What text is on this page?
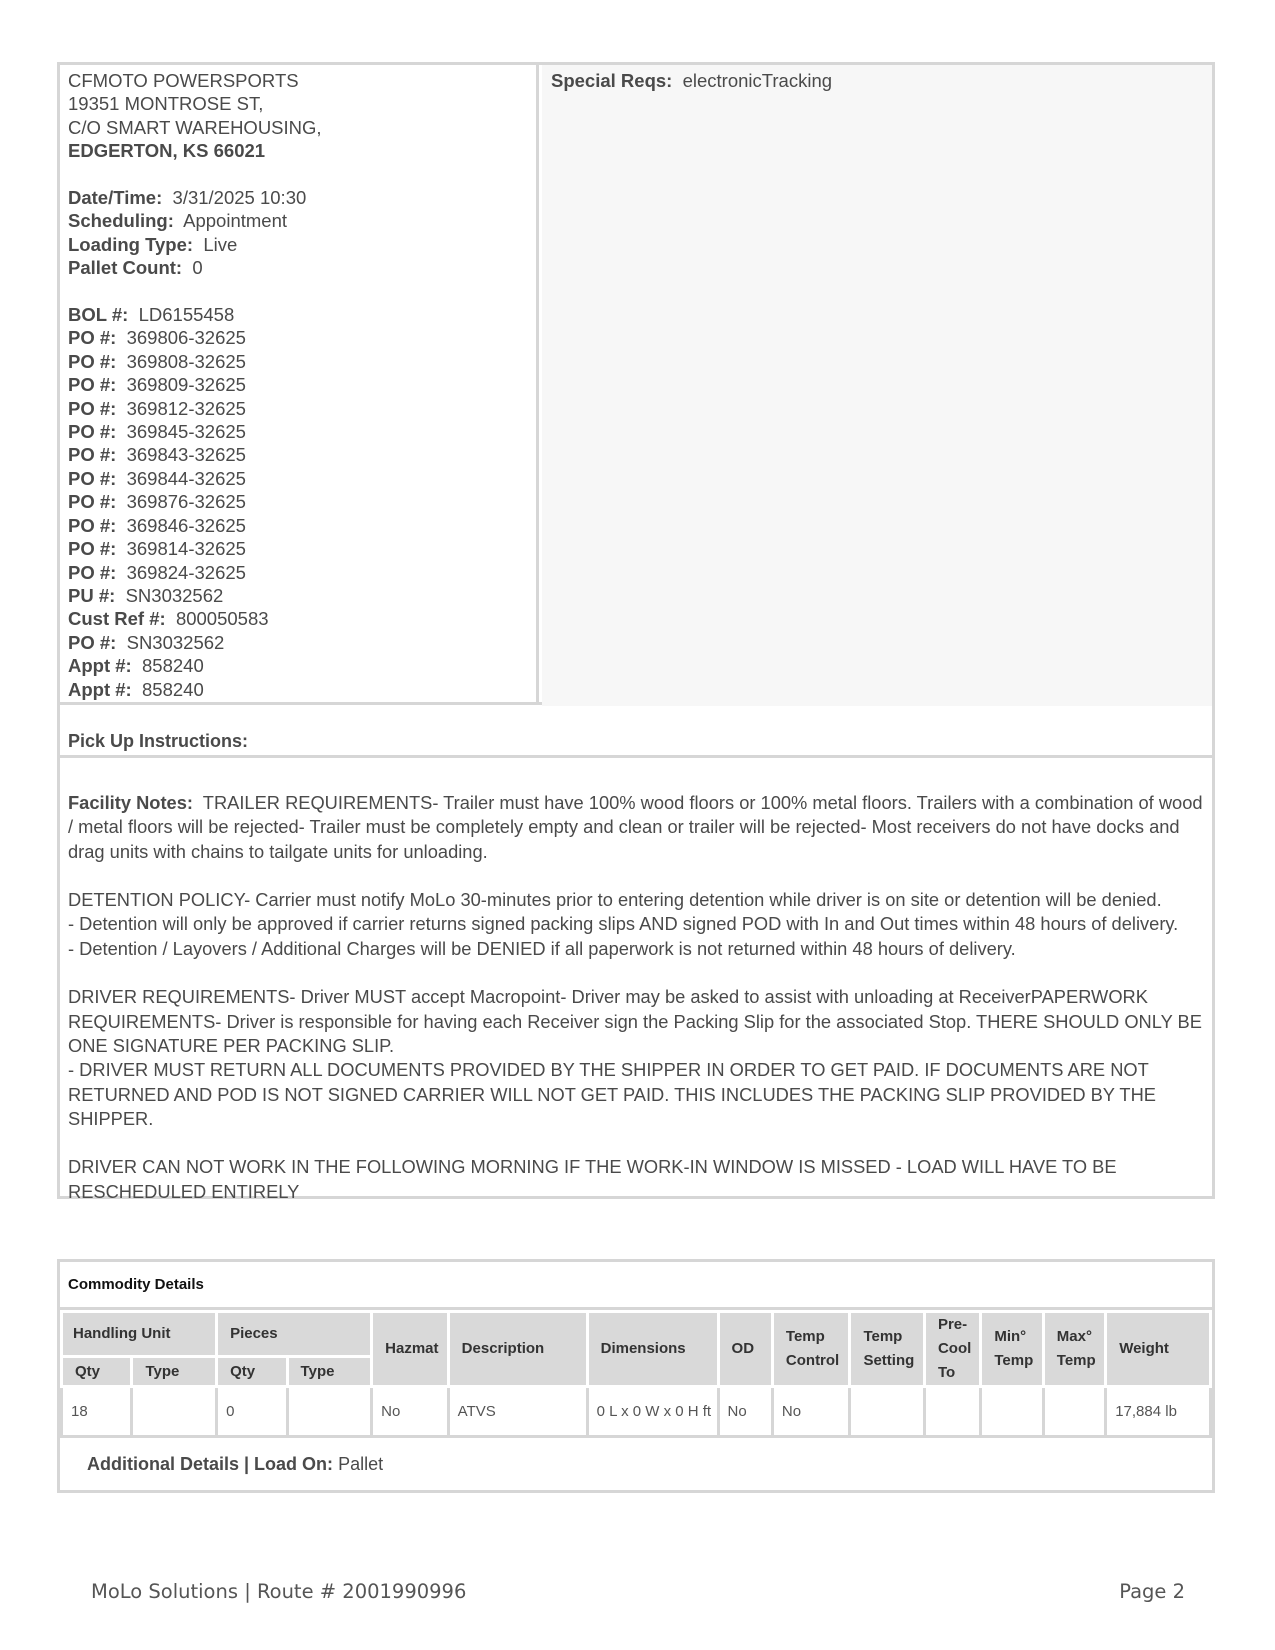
CFMOTO POWERSPORTS
19351 MONTROSE ST,
C/O SMART WAREHOUSING,
EDGERTON, KS 66021
Date/Time: 3/31/2025 10:30
Scheduling: Appointment
Loading Type: Live
Pallet Count: 0
BOL #: LD6155458
PO #: 369806-32625
PO #: 369808-32625
PO #: 369809-32625
PO #: 369812-32625
PO #: 369845-32625
PO #: 369843-32625
PO #: 369844-32625
PO #: 369876-32625
PO #: 369846-32625
PO #: 369814-32625
PO #: 369824-32625
PU #: SN3032562
Cust Ref #: 800050583
PO #: SN3032562
Appt #: 858240
Appt #: 858240
Special Reqs: electronicTracking
Pick Up Instructions:
Facility Notes: TRAILER REQUIREMENTS- Trailer must have 100% wood floors or 100% metal floors. Trailers with a combination of wood / metal floors will be rejected- Trailer must be completely empty and clean or trailer will be rejected- Most receivers do not have docks and drag units with chains to tailgate units for unloading.
DETENTION POLICY- Carrier must notify MoLo 30-minutes prior to entering detention while driver is on site or detention will be denied.
- Detention will only be approved if carrier returns signed packing slips AND signed POD with In and Out times within 48 hours of delivery.
- Detention / Layovers / Additional Charges will be DENIED if all paperwork is not returned within 48 hours of delivery.
DRIVER REQUIREMENTS- Driver MUST accept Macropoint- Driver may be asked to assist with unloading at ReceiverPAPERWORK REQUIREMENTS- Driver is responsible for having each Receiver sign the Packing Slip for the associated Stop. THERE SHOULD ONLY BE ONE SIGNATURE PER PACKING SLIP.
- DRIVER MUST RETURN ALL DOCUMENTS PROVIDED BY THE SHIPPER IN ORDER TO GET PAID. IF DOCUMENTS ARE NOT RETURNED AND POD IS NOT SIGNED CARRIER WILL NOT GET PAID. THIS INCLUDES THE PACKING SLIP PROVIDED BY THE SHIPPER.
DRIVER CAN NOT WORK IN THE FOLLOWING MORNING IF THE WORK-IN WINDOW IS MISSED - LOAD WILL HAVE TO BE RESCHEDULED ENTIRELY
Commodity Details
Handling Unit		Pieces		Hazmat	Description	Dimensions	OD	Temp Control	Temp Setting	Pre-Cool To	Min° Temp	Max° Temp	Weight
Qty	Type	Qty	Type										
18		0		No	ATVS	0 L x 0 W x 0 H ft	No	No					17,884 lb
Additional Details | Load On: Pallet
MoLo Solutions | Route # 2001990996	Page 2
